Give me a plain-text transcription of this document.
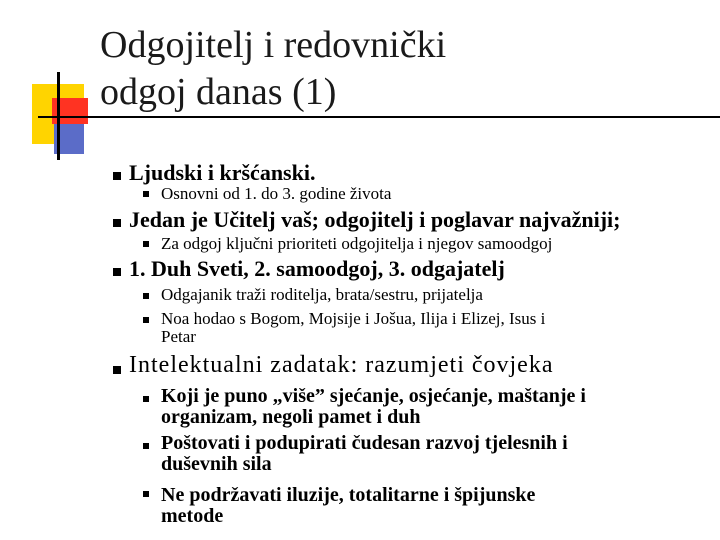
Odgojitelj i redovnički
odgoj danas (1)
Ljudski i kršćanski.
Osnovni od 1. do 3. godine života
Jedan je Učitelj vaš; odgojitelj i poglavar najvažniji;
Za odgoj ključni prioriteti odgojitelja i njegov samoodgoj
1. Duh Sveti, 2. samoodgoj, 3. odgajatelj
Odgajanik traži roditelja, brata/sestru, prijatelja
Noa hodao s Bogom, Mojsije i Jošua, Ilija i Elizej, Isus i
Petar
Intelektualni zadatak: razumjeti čovjeka
Koji je puno „više” sjećanje, osjećanje, maštanje i
organizam, negoli pamet i duh
Poštovati i podupirati čudesan razvoj tjelesnih i
duševnih sila
Ne podržavati iluzije, totalitarne i špijunske
metode
